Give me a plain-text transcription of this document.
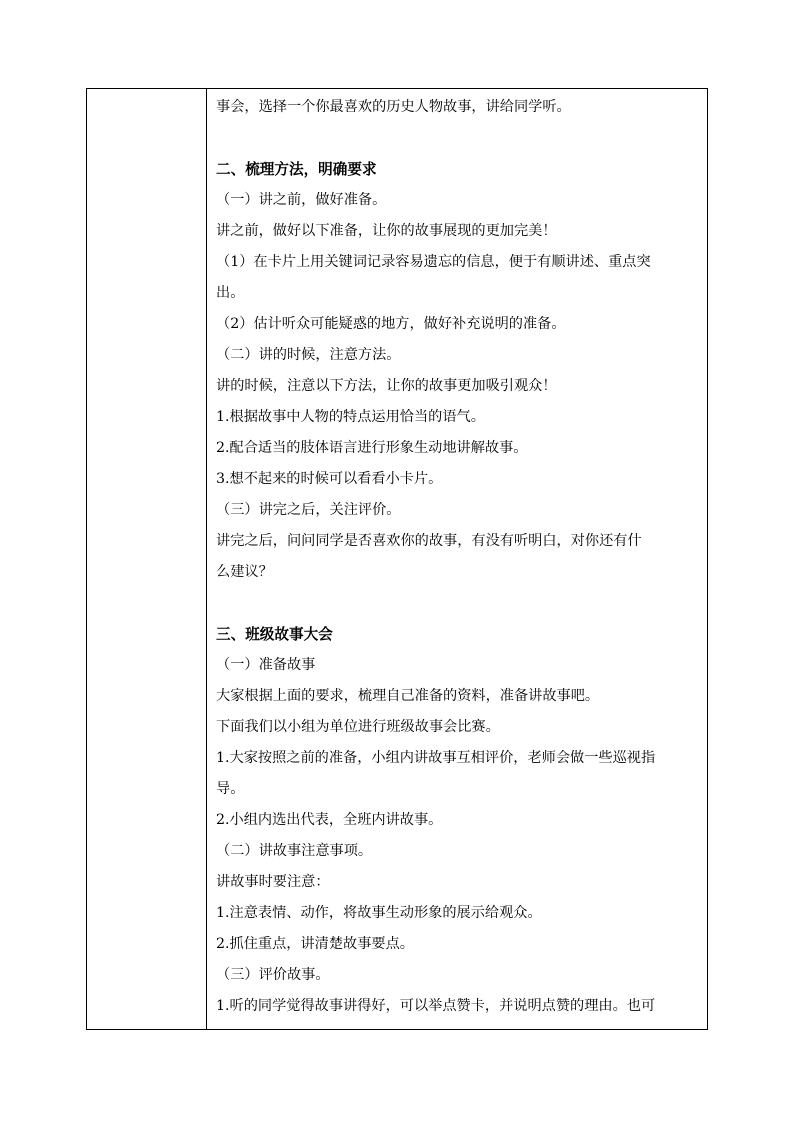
事会，选择一个你最喜欢的历史人物故事，讲给同学听。
二、梳理方法，明确要求
（一）讲之前，做好准备。
讲之前，做好以下准备，让你的故事展现的更加完美！
（1）在卡片上用关键词记录容易遗忘的信息，便于有顺讲述、重点突
出。
（2）估计听众可能疑惑的地方，做好补充说明的准备。
（二）讲的时候，注意方法。
讲的时候，注意以下方法，让你的故事更加吸引观众！
1.根据故事中人物的特点运用恰当的语气。
2.配合适当的肢体语言进行形象生动地讲解故事。
3.想不起来的时候可以看看小卡片。
（三）讲完之后，关注评价。
讲完之后，问问同学是否喜欢你的故事，有没有听明白，对你还有什
么建议？
三、班级故事大会
（一）准备故事
大家根据上面的要求，梳理自己准备的资料，准备讲故事吧。
下面我们以小组为单位进行班级故事会比赛。
1.大家按照之前的准备，小组内讲故事互相评价，老师会做一些巡视指
导。
2.小组内选出代表，全班内讲故事。
（二）讲故事注意事项。
讲故事时要注意：
1.注意表情、动作，将故事生动形象的展示给观众。
2.抓住重点，讲清楚故事要点。
（三）评价故事。
1.听的同学觉得故事讲得好，可以举点赞卡，并说明点赞的理由。也可
